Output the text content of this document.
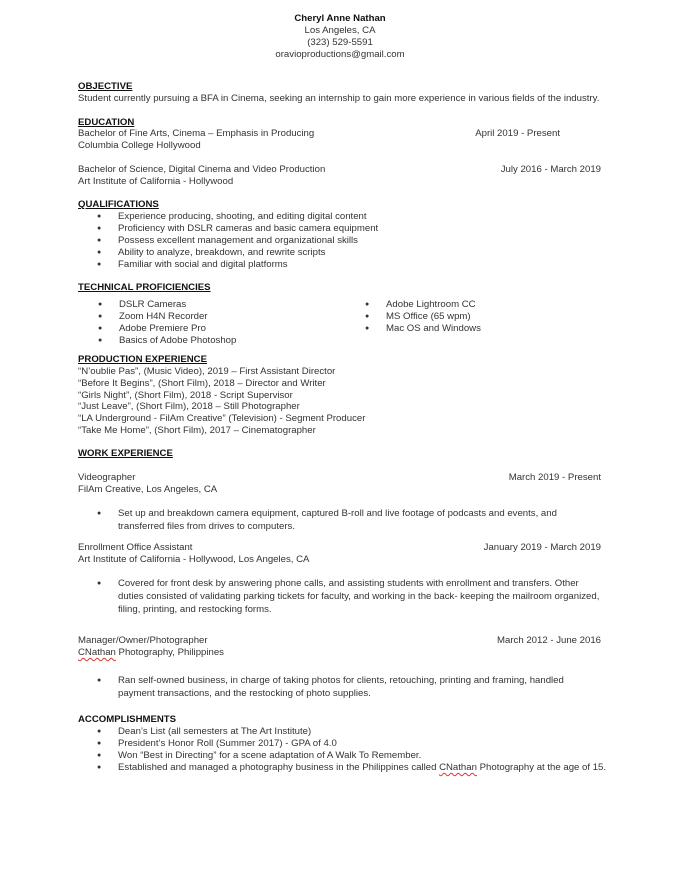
Cheryl Anne Nathan
Los Angeles, CA
(323) 529-5591
oravioproductions@gmail.com
OBJECTIVE
Student currently pursuing a BFA in Cinema, seeking an internship to gain more experience in various fields of the industry.
EDUCATION
Bachelor of Fine Arts, Cinema – Emphasis in Producing	April 2019 - Present
Columbia College Hollywood
Bachelor of Science, Digital Cinema and Video Production	July 2016 - March 2019
Art Institute of California - Hollywood
QUALIFICATIONS
● Experience producing, shooting, and editing digital content
● Proficiency with DSLR cameras and basic camera equipment
● Possess excellent management and organizational skills
● Ability to analyze, breakdown, and rewrite scripts
● Familiar with social and digital platforms
TECHNICAL PROFICIENCIES
● DSLR Cameras
● Zoom H4N Recorder
● Adobe Premiere Pro
● Basics of Adobe Photoshop
● Adobe Lightroom CC
● MS Office (65 wpm)
● Mac OS and Windows
PRODUCTION EXPERIENCE
“N’oublie Pas”, (Music Video), 2019 – First Assistant Director
“Before It Begins”, (Short Film), 2018 – Director and Writer
“Girls Night”, (Short Film), 2018 - Script Supervisor
“Just Leave”, (Short Film), 2018 – Still Photographer
“LA Underground - FilAm Creative” (Television) - Segment Producer
“Take Me Home”, (Short Film), 2017 – Cinematographer
WORK EXPERIENCE
Videographer	March 2019 - Present
FilAm Creative, Los Angeles, CA
● Set up and breakdown camera equipment, captured B-roll and live footage of podcasts and events, and transferred files from drives to computers.
Enrollment Office Assistant	January 2019 - March 2019
Art Institute of California - Hollywood, Los Angeles, CA
● Covered for front desk by answering phone calls, and assisting students with enrollment and transfers. Other duties consisted of validating parking tickets for faculty, and working in the back- keeping the mailroom organized, filing, printing, and restocking forms.
Manager/Owner/Photographer	March 2012 - June 2016
CNathan Photography, Philippines
● Ran self-owned business, in charge of taking photos for clients, retouching, printing and framing, handled payment transactions, and the restocking of photo supplies.
ACCOMPLISHMENTS
● Dean’s List (all semesters at The Art Institute)
● President’s Honor Roll (Summer 2017) - GPA of 4.0
● Won “Best in Directing” for a scene adaptation of A Walk To Remember.
● Established and managed a photography business in the Philippines called CNathan Photography at the age of 15.
